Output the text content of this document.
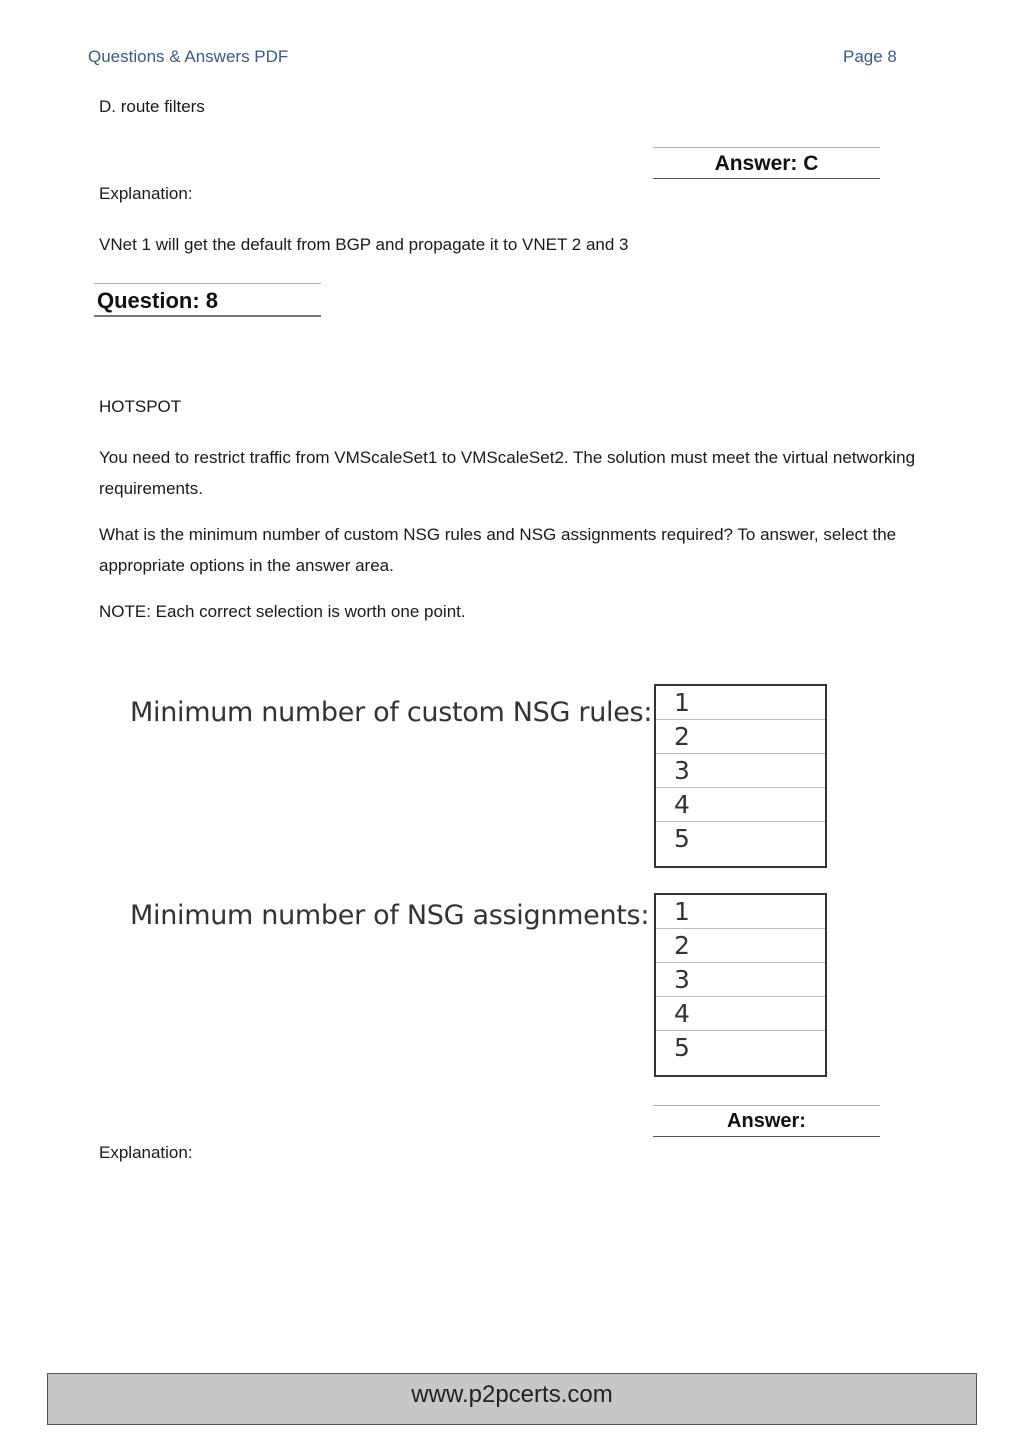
Questions & Answers PDF	Page 8
D. route filters
Answer: C
Explanation:
VNet 1 will get the default from BGP and propagate it to VNET 2 and 3
Question: 8
HOTSPOT
You need to restrict traffic from VMScaleSet1 to VMScaleSet2. The solution must meet the virtual networking requirements.
What is the minimum number of custom NSG rules and NSG assignments required? To answer, select the appropriate options in the answer area.
NOTE: Each correct selection is worth one point.
Minimum number of custom NSG rules: 1
2
3
4
5
Minimum number of NSG assignments: 1
2
3
4
5
Answer:
Explanation:
www.p2pcerts.com
